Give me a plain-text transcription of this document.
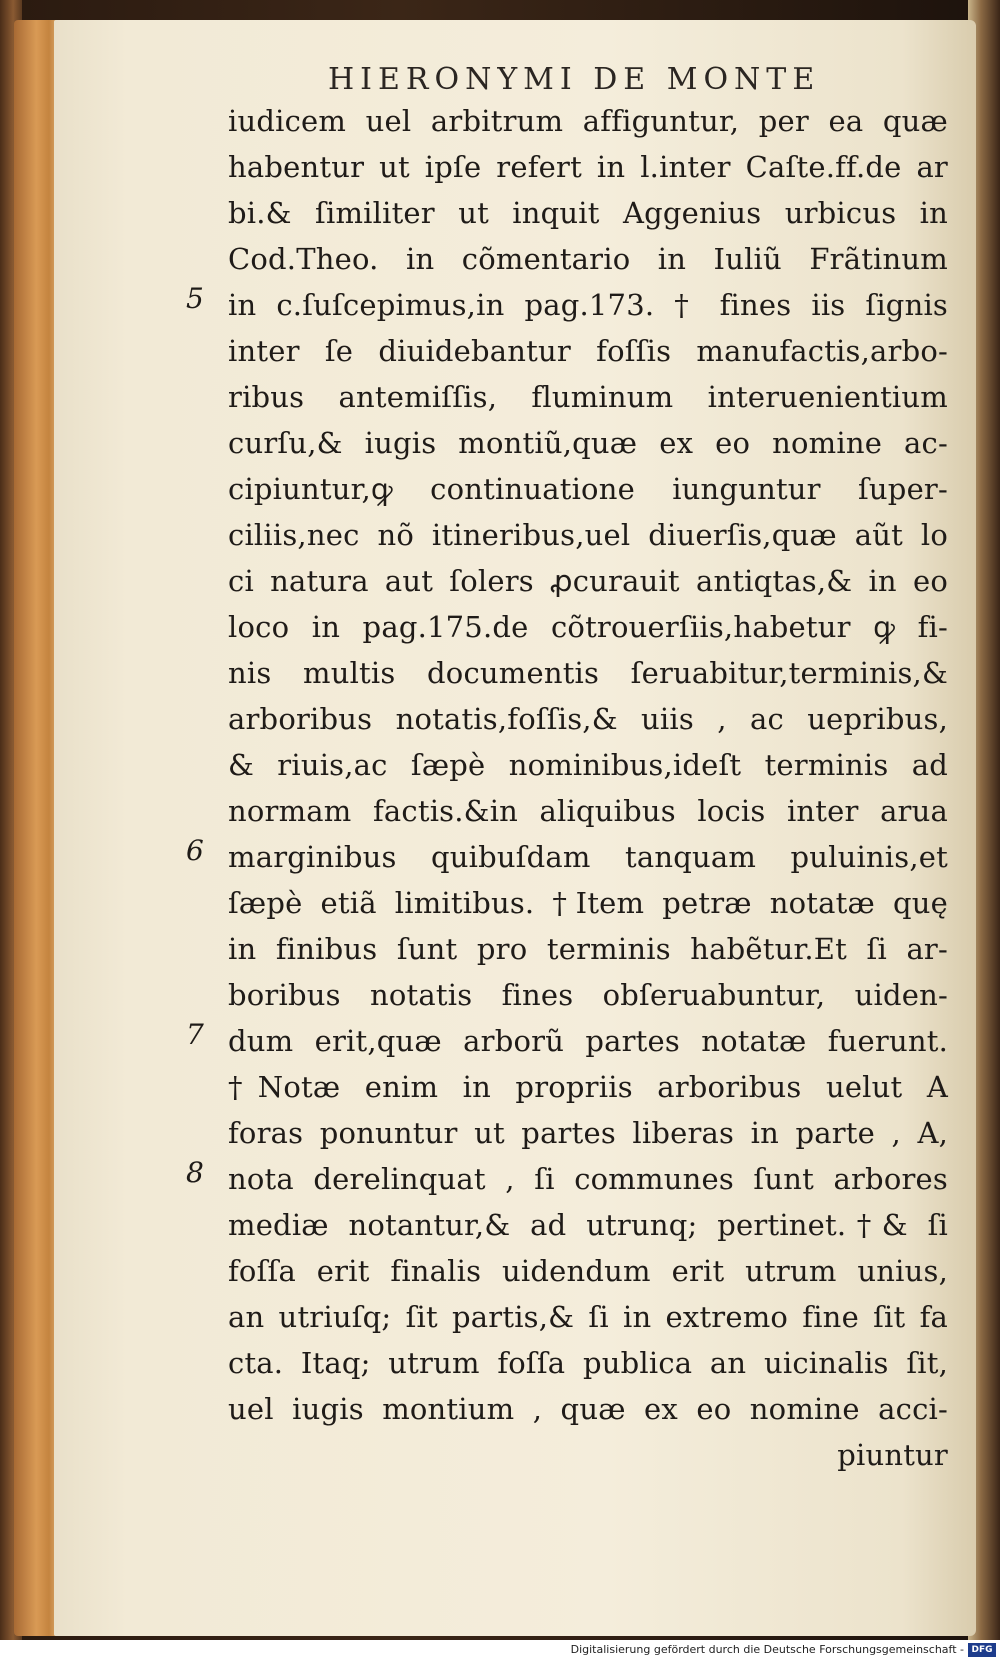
HIERONYMI DE MONTE
iudicem uel arbitrum affiguntur, per ea quæ
habentur ut ipſe refert in l.inter Caſte.ff.de ar
bi.& ſimiliter ut inquit Aggenius urbicus in
Cod.Theo. in cõmentario in Iuliũ Frãtinum
in c.ſuſcepimus,in pag.173. † fines iis ſignis
inter ſe diuidebantur foſſis manufactis,arbo-
ribus antemiſſis, fluminum interuenientium
curſu,& iugis montiũ,quæ ex eo nomine ac-
cipiuntur,ꝙ continuatione iunguntur ſuper-
ciliis,nec nõ itineribus,uel diuerſis,quæ aũt lo
ci natura aut ſolers ꝓcurauit antiqtas,& in eo
loco in pag.175.de cõtrouerſiis,habetur ꝙ fi-
nis multis documentis ſeruabitur,terminis,&
arboribus notatis,foſſis,& uiis , ac uepribus,
& riuis,ac ſæpè nominibus,ideſt terminis ad
normam factis.&in aliquibus locis inter arua
marginibus quibuſdam tanquam puluinis,et
ſæpè etiã limitibus. †Item petræ notatæ quę
in finibus ſunt pro terminis habẽtur.Et ſi ar-
boribus notatis fines obſeruabuntur, uiden-
dum erit,quæ arborũ partes notatæ fuerunt.
†Notæ enim in propriis arboribus uelut A
foras ponuntur ut partes liberas in parte , A,
nota derelinquat , ſi communes ſunt arbores
mediæ notantur,& ad utrunq; pertinet.†& ſi
foſſa erit finalis uidendum erit utrum unius,
an utriuſq; ſit partis,& ſi in extremo fine ſit fa
cta. Itaq; utrum foſſa publica an uicinalis ſit,
uel iugis montium , quæ ex eo nomine acci-
piuntur
5
6
7
8
Digitalisierung gefördert durch die Deutsche Forschungsgemeinschaft - DFG
